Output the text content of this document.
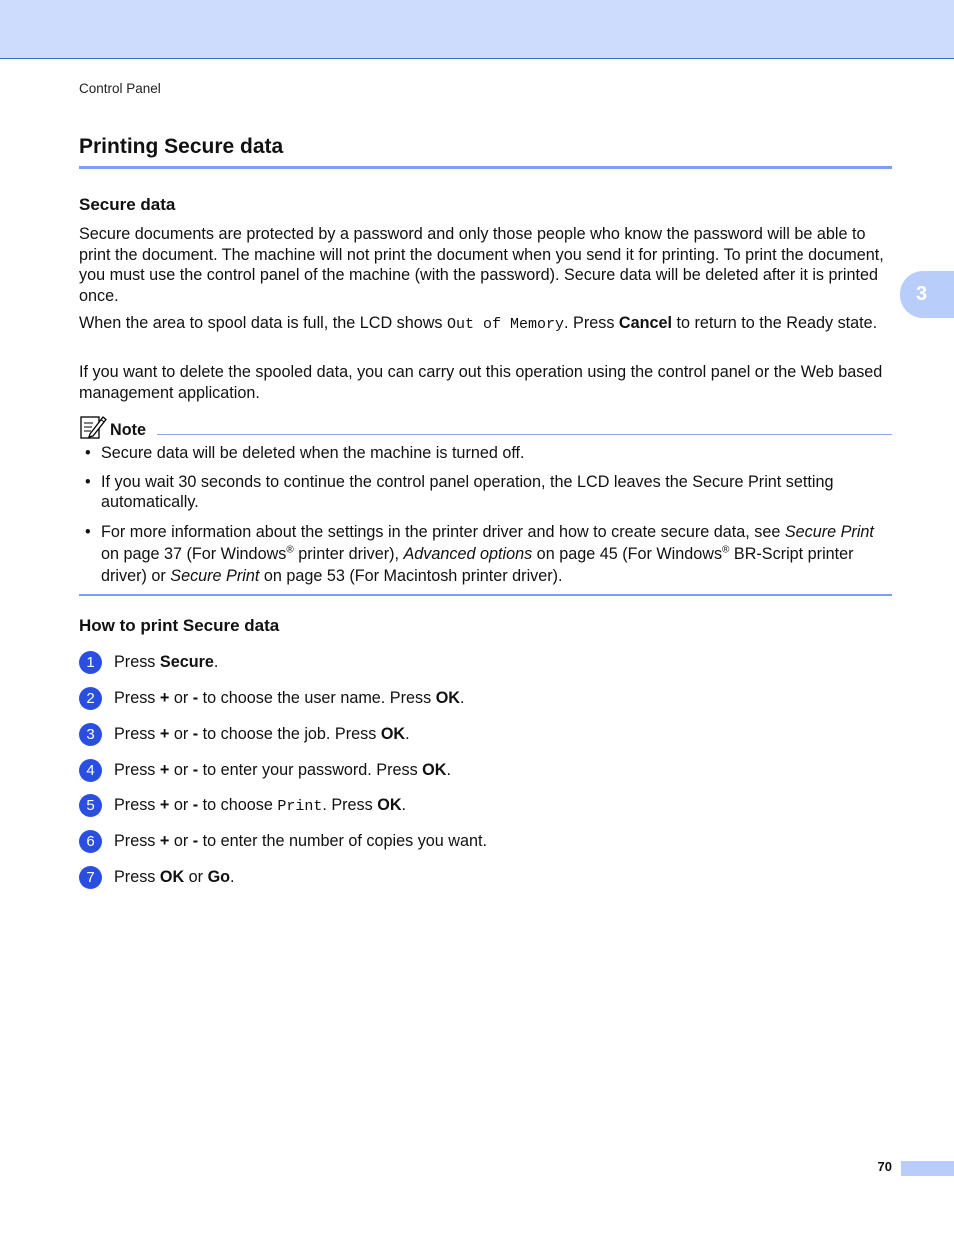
Control Panel
Printing Secure data
3
Secure data
Secure documents are protected by a password and only those people who know the password will be able to print the document. The machine will not print the document when you send it for printing. To print the document, you must use the control panel of the machine (with the password). Secure data will be deleted after it is printed once.
When the area to spool data is full, the LCD shows Out of Memory. Press Cancel to return to the Ready state.
If you want to delete the spooled data, you can carry out this operation using the control panel or the Web based management application.
Note
• Secure data will be deleted when the machine is turned off.
• If you wait 30 seconds to continue the control panel operation, the LCD leaves the Secure Print setting automatically.
• For more information about the settings in the printer driver and how to create secure data, see Secure Print on page 37 (For Windows® printer driver), Advanced options on page 45 (For Windows® BR-Script printer driver) or Secure Print on page 53 (For Macintosh printer driver).
How to print Secure data
1	Press Secure.
2	Press + or - to choose the user name. Press OK.
3	Press + or - to choose the job. Press OK.
4	Press + or - to enter your password. Press OK.
5	Press + or - to choose Print. Press OK.
6	Press + or - to enter the number of copies you want.
7	Press OK or Go.
70
